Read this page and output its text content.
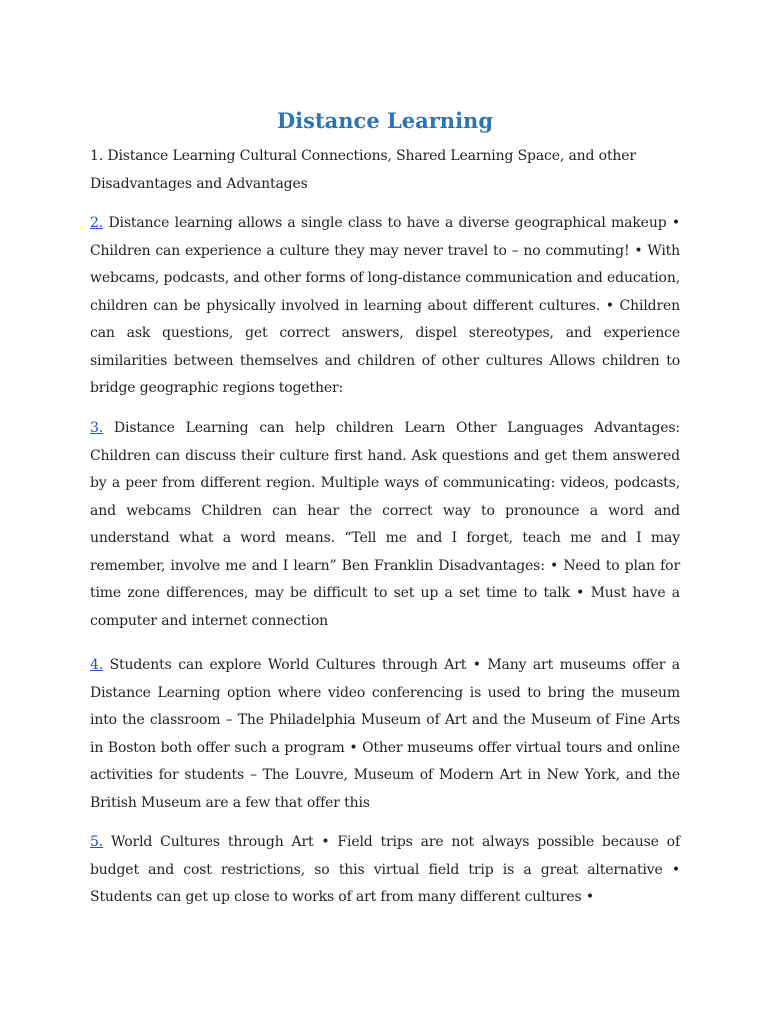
Distance Learning

1. Distance Learning Cultural Connections, Shared Learning Space, and other Disadvantages and Advantages

2. Distance learning allows a single class to have a diverse geographical makeup • Children can experience a culture they may never travel to – no commuting! • With webcams, podcasts, and other forms of long-distance communication and education, children can be physically involved in learning about different cultures. • Children can ask questions, get correct answers, dispel stereotypes, and experience similarities between themselves and children of other cultures Allows children to bridge geographic regions together:

3. Distance Learning can help children Learn Other Languages Advantages: Children can discuss their culture first hand. Ask questions and get them answered by a peer from different region. Multiple ways of communicating: videos, podcasts, and webcams Children can hear the correct way to pronounce a word and understand what a word means. “Tell me and I forget, teach me and I may remember, involve me and I learn” Ben Franklin Disadvantages: • Need to plan for time zone differences, may be difficult to set up a set time to talk • Must have a computer and internet connection

4. Students can explore World Cultures through Art • Many art museums offer a Distance Learning option where video conferencing is used to bring the museum into the classroom – The Philadelphia Museum of Art and the Museum of Fine Arts in Boston both offer such a program • Other museums offer virtual tours and online activities for students – The Louvre, Museum of Modern Art in New York, and the British Museum are a few that offer this

5. World Cultures through Art • Field trips are not always possible because of budget and cost restrictions, so this virtual field trip is a great alternative • Students can get up close to works of art from many different cultures •
